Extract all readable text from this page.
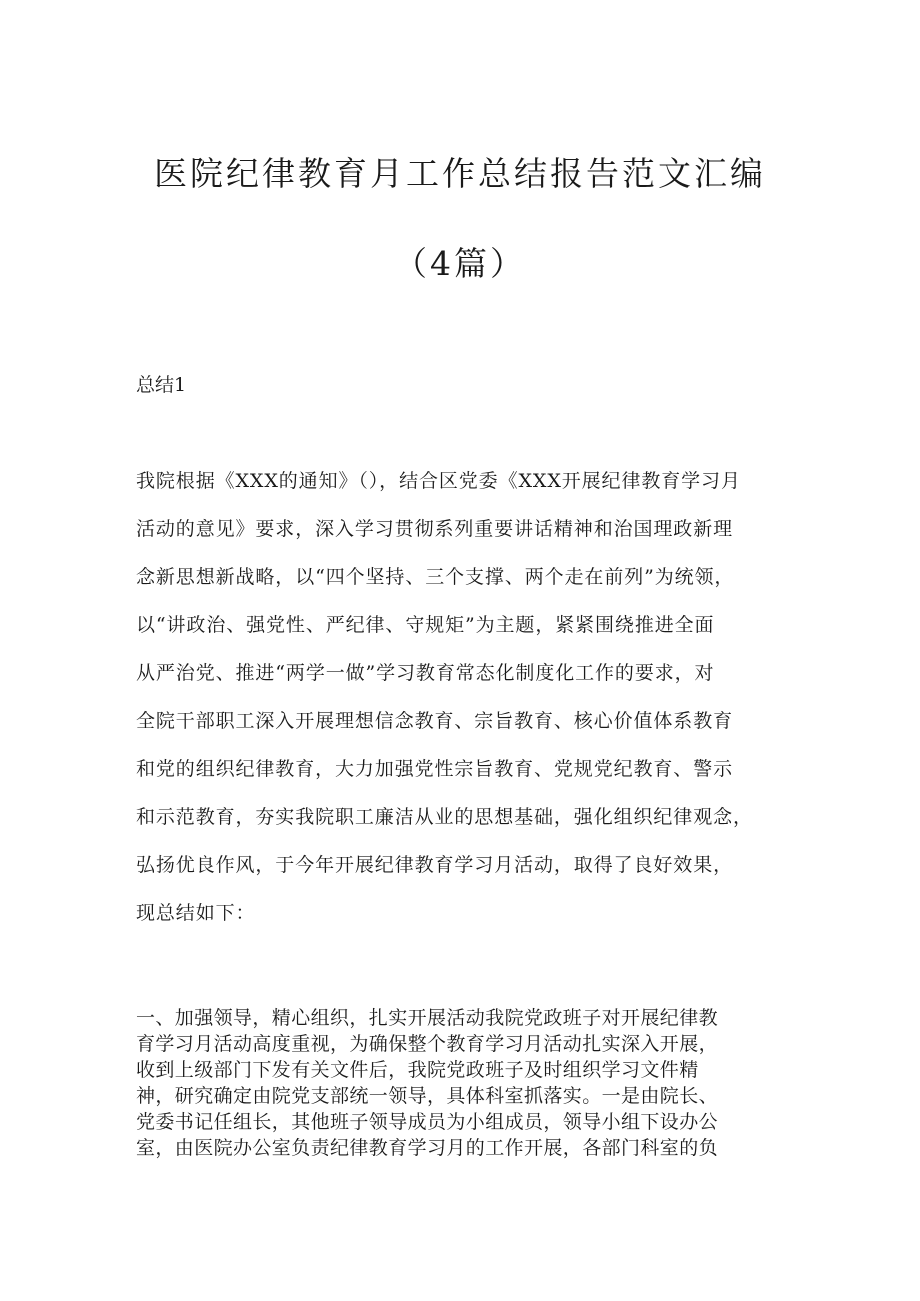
医院纪律教育月工作总结报告范文汇编
（4篇）
总结1

我院根据《XXX的通知》（），结合区党委《XXX开展纪律教育学习月

活动的意见》要求，深入学习贯彻系列重要讲话精神和治国理政新理

念新思想新战略，以“四个坚持、三个支撑、两个走在前列”为统领，

以“讲政治、强党性、严纪律、守规矩”为主题，紧紧围绕推进全面

从严治党、推进“两学一做”学习教育常态化制度化工作的要求，对

全院干部职工深入开展理想信念教育、宗旨教育、核心价值体系教育

和党的组织纪律教育，大力加强党性宗旨教育、党规党纪教育、警示

和示范教育，夯实我院职工廉洁从业的思想基础，强化组织纪律观念，

弘扬优良作风，于今年开展纪律教育学习月活动，取得了良好效果，

现总结如下：

一、加强领导，精心组织，扎实开展活动我院党政班子对开展纪律教

育学习月活动高度重视，为确保整个教育学习月活动扎实深入开展，

收到上级部门下发有关文件后，我院党政班子及时组织学习文件精

神，研究确定由院党支部统一领导，具体科室抓落实。一是由院长、

党委书记任组长，其他班子领导成员为小组成员，领导小组下设办公

室，由医院办公室负责纪律教育学习月的工作开展，各部门科室的负
